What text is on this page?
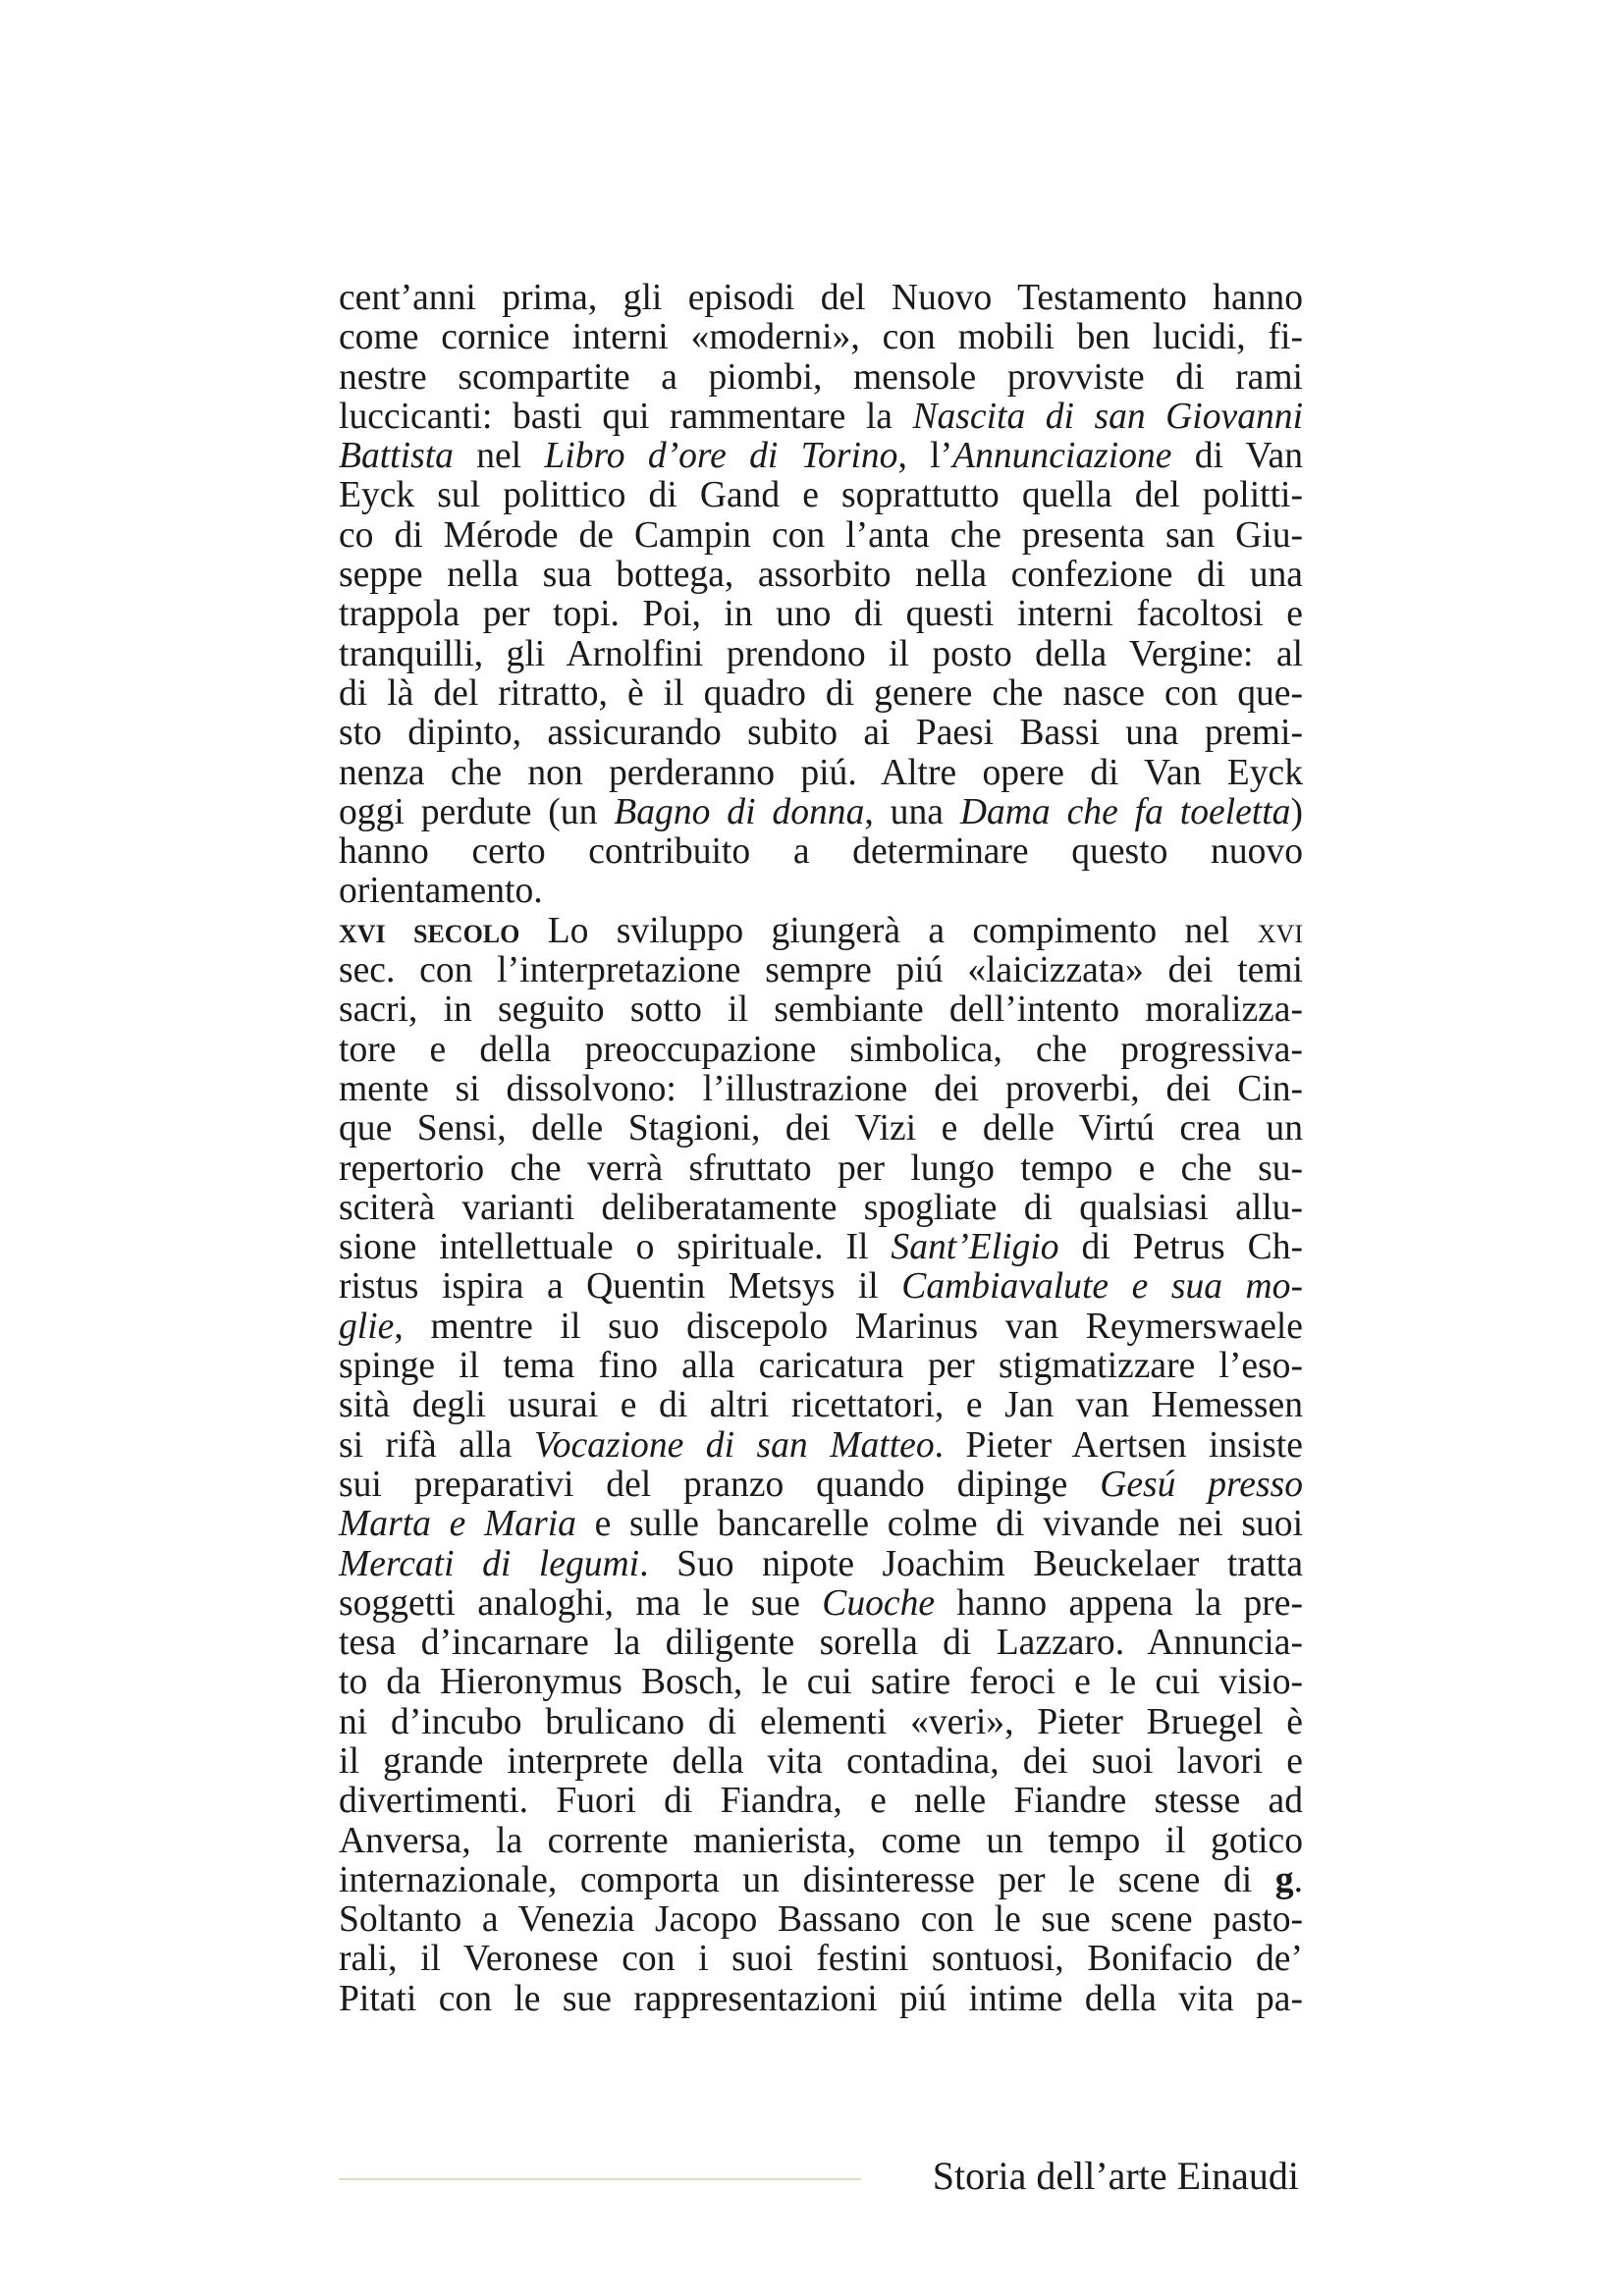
cent’anni prima, gli episodi del Nuovo Testamento hanno
come cornice interni «moderni», con mobili ben lucidi, fi-
nestre scompartite a piombi, mensole provviste di rami
luccicanti: basti qui rammentare la Nascita di san Giovanni
Battista nel Libro d’ore di Torino, l’Annunciazione di Van
Eyck sul polittico di Gand e soprattutto quella del politti-
co di Mérode de Campin con l’anta che presenta san Giu-
seppe nella sua bottega, assorbito nella confezione di una
trappola per topi. Poi, in uno di questi interni facoltosi e
tranquilli, gli Arnolfini prendono il posto della Vergine: al
di là del ritratto, è il quadro di genere che nasce con que-
sto dipinto, assicurando subito ai Paesi Bassi una premi-
nenza che non perderanno piú. Altre opere di Van Eyck
oggi perdute (un Bagno di donna, una Dama che fa toeletta)
hanno certo contribuito a determinare questo nuovo
orientamento.
xvi secolo Lo sviluppo giungerà a compimento nel xvi
sec. con l’interpretazione sempre piú «laicizzata» dei temi
sacri, in seguito sotto il sembiante dell’intento moralizza-
tore e della preoccupazione simbolica, che progressiva-
mente si dissolvono: l’illustrazione dei proverbi, dei Cin-
que Sensi, delle Stagioni, dei Vizi e delle Virtú crea un
repertorio che verrà sfruttato per lungo tempo e che su-
sciterà varianti deliberatamente spogliate di qualsiasi allu-
sione intellettuale o spirituale. Il Sant’Eligio di Petrus Ch-
ristus ispira a Quentin Metsys il Cambiavalute e sua mo-
glie, mentre il suo discepolo Marinus van Reymerswaele
spinge il tema fino alla caricatura per stigmatizzare l’eso-
sità degli usurai e di altri ricettatori, e Jan van Hemessen
si rifà alla Vocazione di san Matteo. Pieter Aertsen insiste
sui preparativi del pranzo quando dipinge Gesú presso
Marta e Maria e sulle bancarelle colme di vivande nei suoi
Mercati di legumi. Suo nipote Joachim Beuckelaer tratta
soggetti analoghi, ma le sue Cuoche hanno appena la pre-
tesa d’incarnare la diligente sorella di Lazzaro. Annuncia-
to da Hieronymus Bosch, le cui satire feroci e le cui visio-
ni d’incubo brulicano di elementi «veri», Pieter Bruegel è
il grande interprete della vita contadina, dei suoi lavori e
divertimenti. Fuori di Fiandra, e nelle Fiandre stesse ad
Anversa, la corrente manierista, come un tempo il gotico
internazionale, comporta un disinteresse per le scene di g.
Soltanto a Venezia Jacopo Bassano con le sue scene pasto-
rali, il Veronese con i suoi festini sontuosi, Bonifacio de’
Pitati con le sue rappresentazioni piú intime della vita pa-
Storia dell’arte Einaudi
